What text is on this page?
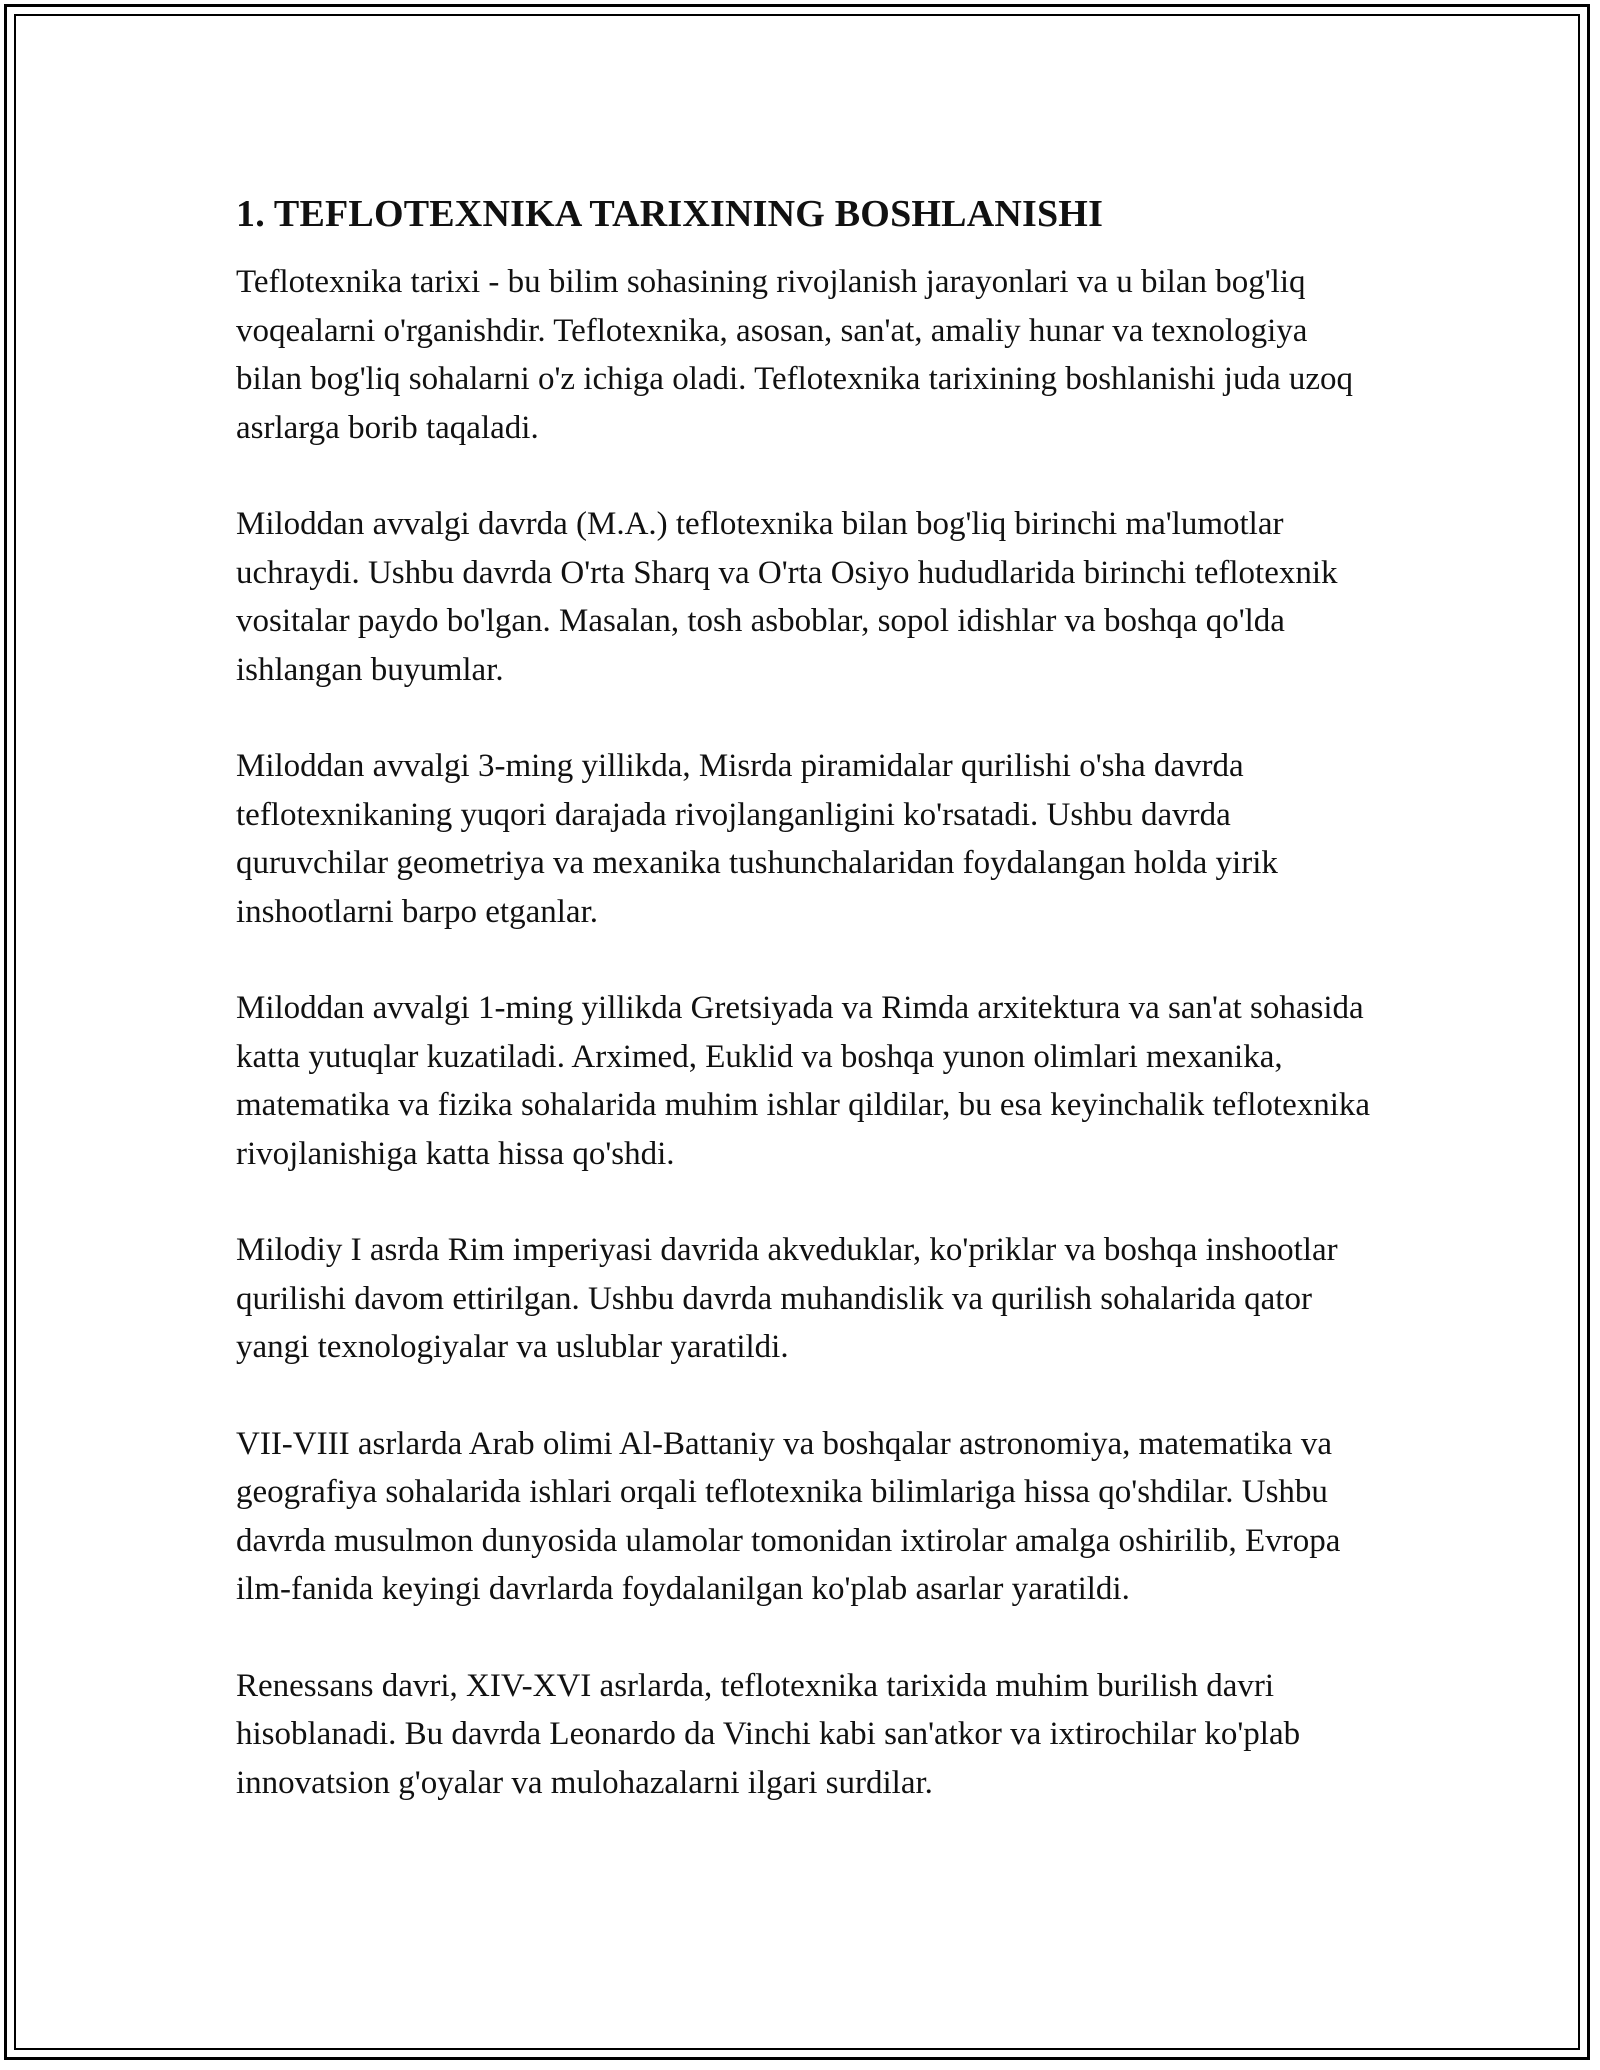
1. TEFLOTEXNIKA TARIXINING BOSHLANISHI

Teflotexnika tarixi - bu bilim sohasining rivojlanish jarayonlari va u bilan bog'liq voqealarni o'rganishdir. Teflotexnika, asosan, san'at, amaliy hunar va texnologiya bilan bog'liq sohalarni o'z ichiga oladi. Teflotexnika tarixining boshlanishi juda uzoq asrlarga borib taqaladi.

Miloddan avvalgi davrda (M.A.) teflotexnika bilan bog'liq birinchi ma'lumotlar uchraydi. Ushbu davrda O'rta Sharq va O'rta Osiyo hududlarida birinchi teflotexnik vositalar paydo bo'lgan. Masalan, tosh asboblar, sopol idishlar va boshqa qo'lda ishlangan buyumlar.

Miloddan avvalgi 3-ming yillikda, Misrda piramidalar qurilishi o'sha davrda teflotexnikaning yuqori darajada rivojlanganligini ko'rsatadi. Ushbu davrda quruvchilar geometriya va mexanika tushunchalaridan foydalangan holda yirik inshootlarni barpo etganlar.

Miloddan avvalgi 1-ming yillikda Gretsiyada va Rimda arxitektura va san'at sohasida katta yutuqlar kuzatiladi. Arximed, Euklid va boshqa yunon olimlari mexanika, matematika va fizika sohalarida muhim ishlar qildilar, bu esa keyinchalik teflotexnika rivojlanishiga katta hissa qo'shdi.

Milodiy I asrda Rim imperiyasi davrida akveduklar, ko'priklar va boshqa inshootlar qurilishi davom ettirilgan. Ushbu davrda muhandislik va qurilish sohalarida qator yangi texnologiyalar va uslublar yaratildi.

VII-VIII asrlarda Arab olimi Al-Battaniy va boshqalar astronomiya, matematika va geografiya sohalarida ishlari orqali teflotexnika bilimlariga hissa qo'shdilar. Ushbu davrda musulmon dunyosida ulamolar tomonidan ixtirolar amalga oshirilib, Evropa ilm-fanida keyingi davrlarda foydalanilgan ko'plab asarlar yaratildi.

Renessans davri, XIV-XVI asrlarda, teflotexnika tarixida muhim burilish davri hisoblanadi. Bu davrda Leonardo da Vinchi kabi san'atkor va ixtirochilar ko'plab innovatsion g'oyalar va mulohazalarni ilgari surdilar.
